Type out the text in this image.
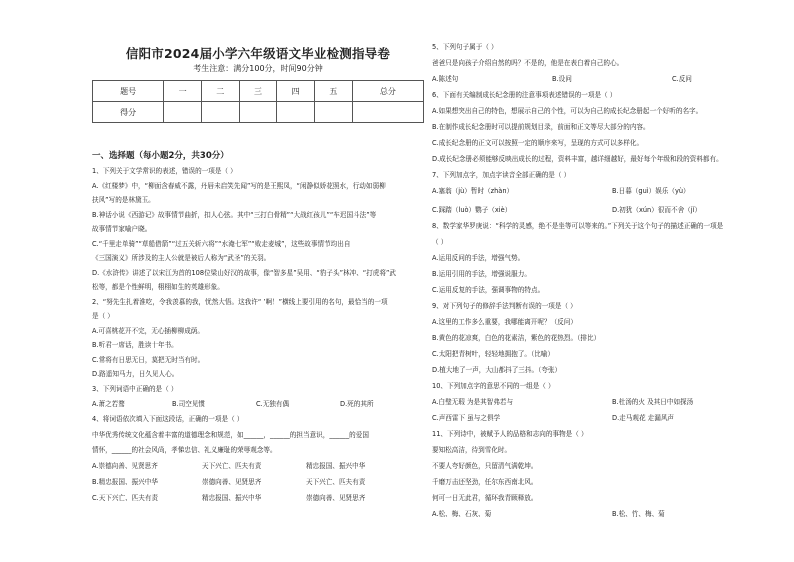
信阳市2024届小学六年级语文毕业检测指导卷
考生注意：满分100分，时间90分钟
题号	一	二	三	四	五	总分
得分						
一、选择题（每小题2分，共30分）
1、下列关于文学常识的表述，错误的一项是（ ）
A.《红楼梦》中，“柳面含春威不露，丹唇未启笑先闻”写的是王熙凤，“闲静似娇花照水，行动如弱柳
扶风”写的是林黛玉。
B.神话小说《西游记》故事情节曲折，扣人心弦。其中“三打白骨精”“大战红孩儿”“车迟国斗法”等
故事情节家喻户晓。
C.“千里走单骑”“草船借箭”“过五关斩六将”“水淹七军”“败走麦城”，这些故事情节均出自
《三国演义》所涉及的主人公就是被后人称为“武圣”的关羽。
D.《水浒传》讲述了以宋江为首的108位梁山好汉的故事，像“智多星”吴用、“豹子头”林冲、“打虎将”武
松等，都是个性鲜明，栩栩如生的英雄形象。
2、“努先生扎着淮吃，令我羡慕的我，忧然大悟。这我许“ ’啊！”横线上要引用的名句，最恰当的一项
是（ ）
A.可喜桃花开不完，无心插柳柳成荫。
B.听君一席话，胜读十年书。
C.常将有日思无日，莫把无时当有时。
D.路遥知马力，日久见人心。
3、下列词语中正确的是（ ）
A.萧之若鹜	B.司空见惯	C.无独有偶	D.死的其所
4、将词语依次填入下面这段话，正确的一项是（ ）
中华优秀传统文化蕴含着丰富的道德理念和规范，如______，______的担当意识，______的爱国
情怀，______的社会风尚，孝悌忠信、礼义廉耻的荣辱观念等。
A.崇德向善、见贤思齐	天下兴亡、匹夫有责	精忠报国、振兴中华
B.精忠报国、振兴中华	崇德向善、见贤思齐	天下兴亡、匹夫有责
C.天下兴亡、匹夫有责	精忠报国、振兴中华	崇德向善、见贤思齐
5、下列句子属于（ ）
爸爸只是向孩子介绍自然的吗？不是的，他是在表白着自己的心。
A.陈述句	B.设问	C.反问
6、下面有关编制成长纪念册的注意事项表述错误的一项是（ ）
A.如果想突出自己的特色，想展示自己的个性，可以为自己的成长纪念册起一个好听的名字。
B.在制作成长纪念册时可以提前规划目录，前面和正文等尽大部分的内容。
C.成长纪念册的正文可以按照一定的顺序来写，呈现的方式可以多样化。
D.成长纪念册必须能够反映出成长的过程，资料丰富，越详细越好，最好每个年级和段的资料都有。
7、下列加点字，加点字读音全部正确的是（ ）
A.塞翁（jù）暂时（zhàn）	B.日暮（guì）娱乐（yù）
C.踩踏（luò）鹦子（xiè）	D.初犹（xún）很而不舍（jǐ）
8、数学家华罗庚说：“科学的灵感，绝不是坐等可以等来的。”下列关于这个句子的描述正确的一项是
（ ）
A.运用反问的手法，增强气势。
B.运用引用的手法，增强说服力。
C.运用反复的手法，强调事物的特点。
9、对下列句子的修辞手法判断有误的一项是（ ）
A.这里的工作多么重要，我哪能离开呢？（反问）
B.黄色的花凉爽，白色的花素洁，紫色的花热烈。（排比）
C.太阳把青树叶，轻轻地拥抱了。（比喻）
D.植大地了一声，大山都抖了三抖。（夸张）
10、下列加点字的意思不同的一组是（ ）
A.白璧无瑕 为是其智弗若与	B.杜汤的火 及其日中如探汤
C.声西雷下 虽与之俱学	D.走马观花 走漏风声
11、下列诗中，被赋予人的品格和志向的事物是（ ）
要知松高洁，待到雪化时。
不要人夸好颜色，只留清气满乾坤。
千磨万击还坚劲，任尔东西南北风。
何可一日无此君，循环我青顾释放。
A.松、梅、石灰、菊	B.松、竹、梅、菊
